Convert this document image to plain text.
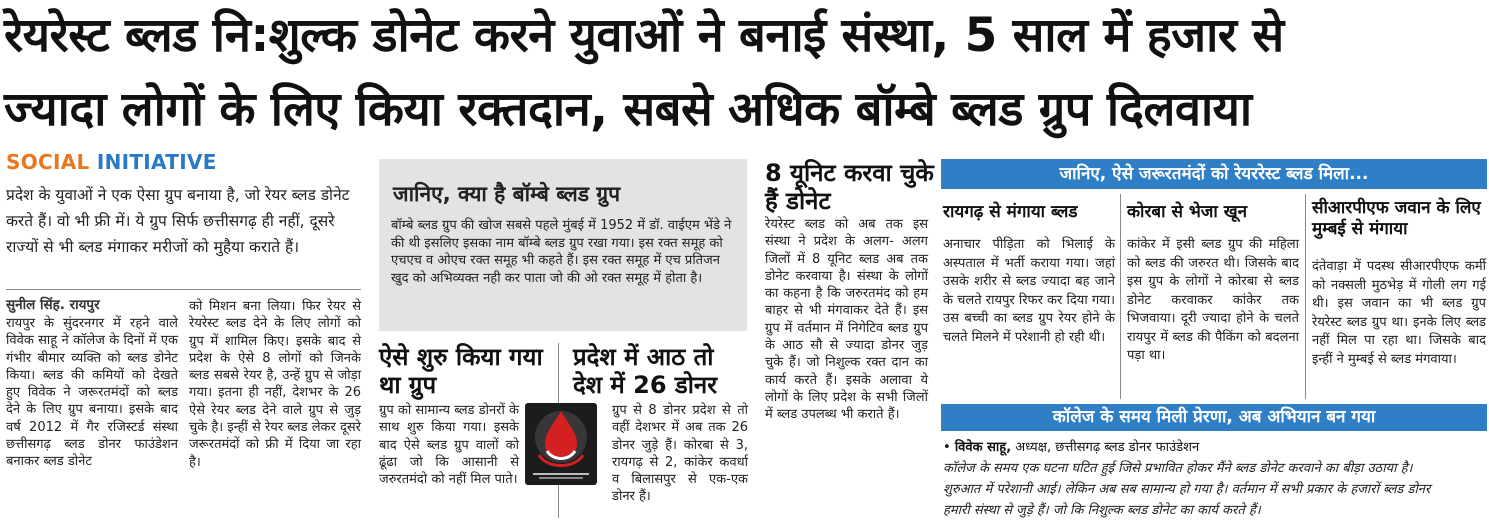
रेयरेस्ट ब्लड नि:शुल्क डोनेट करने युवाओं ने बनाई संस्था, 5 साल में हजार से
ज्यादा लोगों के लिए किया रक्तदान, सबसे अधिक बॉम्बे ब्लड ग्रुप दिलवाया
SOCIAL INITIATIVE
प्रदेश के युवाओं ने एक ऐसा ग्रुप बनाया है, जो रेयर ब्लड डोनेट करते हैं। वो भी फ्री में। ये ग्रुप सिर्फ छत्तीसगढ़ ही नहीं, दूसरे राज्यों से भी ब्लड मंगाकर मरीजों को मुहैया कराते हैं।
सुनील सिंह. रायपुर
रायपुर के सुंदरनगर में रहने वाले विवेक साहू ने कॉलेज के दिनों में एक गंभीर बीमार व्यक्ति को ब्लड डोनेट किया। ब्लड की कमियों को देखते हुए विवेक ने जरूरतमंदों को ब्लड देने के लिए ग्रुप बनाया। इसके बाद वर्ष 2012 में गैर रजिस्टर्ड संस्था छत्तीसगढ़ ब्लड डोनर फाउंडेशन बनाकर ब्लड डोनेट
को मिशन बना लिया। फिर रेयर से रेयरेस्ट ब्लड देने के लिए लोगों को ग्रुप में शामिल किए। इसके बाद से प्रदेश के ऐसे 8 लोगों को जिनके ब्लड सबसे रेयर है, उन्हें ग्रुप से जोड़ा गया। इतना ही नहीं, देशभर के 26 ऐसे रेयर ब्लड देने वाले ग्रुप से जुड़ चुके है। इन्हीं से रेयर ब्लड लेकर दूसरे जरूरतमंदों को फ्री में दिया जा रहा है।
जानिए, क्या है बॉम्बे ब्लड ग्रुप
बॉम्बे ब्लड ग्रुप की खोज सबसे पहले मुंबई में 1952 में डॉ. वाईएम भेंडे ने की थी इसलिए इसका नाम बॉम्बे ब्लड ग्रुप रखा गया। इस रक्त समूह को एचएच व ओएच रक्त समूह भी कहते हैं। इस रक्त समूह में एच प्रतिजन खुद को अभिव्यक्त नही कर पाता जो की ओ रक्त समूह में होता है।
ऐसे शुरु किया गया था ग्रुप
ग्रुप को सामान्य ब्लड डोनरों के साथ शुरु किया गया। इसके बाद ऐसे ब्लड ग्रुप वालों को ढूंढा जो कि आसानी से जरुरतमंदो को नहीं मिल पाते।
प्रदेश में आठ तो देश में 26 डोनर
ग्रुप से 8 डोनर प्रदेश से तो वहीं देशभर में अब तक 26 डोनर जुड़े हैं। कोरबा से 3, रायगढ़ से 2, कांकेर कवर्धा व बिलासपुर से एक-एक डोनर हैं।
8 यूनिट करवा चुके हैं डोनेट
रेयरेस्ट ब्लड को अब तक इस संस्था ने प्रदेश के अलग- अलग जिलों में 8 यूनिट ब्लड अब तक डोनेट करवाया है। संस्था के लोगों का कहना है कि जरुरतमंद को हम बाहर से भी मंगवाकर देते हैं। इस ग्रुप में वर्तमान में निगेटिव ब्लड ग्रुप के आठ सौ से ज्यादा डोनर जुड़ चुके हैं। जो निशुल्क रक्त दान का कार्य करते हैं। इसके अलावा ये लोगों के लिए प्रदेश के सभी जिलों में ब्लड उपलब्ध भी कराते हैं।
जानिए, ऐसे जरूरतमंदों को रेयररेस्ट ब्लड मिला...
रायगढ़ से मंगाया ब्लड
अनाचार पीड़िता को भिलाई के अस्पताल में भर्ती कराया गया। जहां उसके शरीर से ब्लड ज्यादा बह जाने के चलते रायपुर रिफर कर दिया गया। उस बच्ची का ब्लड ग्रुप रेयर होने के चलते मिलने में परेशानी हो रही थी।
कोरबा से भेजा खून
कांकेर में इसी ब्लड ग्रुप की महिला को ब्लड की जरुरत थी। जिसके बाद इस ग्रुप के लोगों ने कोरबा से ब्लड डोनेट करवाकर कांकेर तक भिजवाया। दूरी ज्यादा होने के चलते रायपुर में ब्लड की पैकिंग को बदलना पड़ा था।
सीआरपीएफ जवान के लिए मुम्बई से मंगाया
दंतेवाड़ा में पदस्थ सीआरपीएफ कर्मी को नक्सली मुठभेड़ में गोली लग गई थी। इस जवान का भी ब्लड ग्रुप रेयरेस्ट ब्लड ग्रुप था। इनके लिए ब्लड नहीं मिल पा रहा था। जिसके बाद इन्हीं ने मुम्बई से ब्लड मंगवाया।
कॉलेज के समय मिली प्रेरणा, अब अभियान बन गया
• विवेक साहू, अध्यक्ष, छत्तीसगढ़ ब्लड डोनर फाउंडेशन
कॉलेज के समय एक घटना घटित हुई जिसे प्रभावित होकर मैंने ब्लड डोनेट करवाने का बीड़ा उठाया है।
शुरुआत में परेशानी आई। लेकिन अब सब सामान्य हो गया है। वर्तमान में सभी प्रकार के हजारों ब्लड डोनर
हमारी संस्था से जुड़े हैं। जो कि निशुल्क ब्लड डोनेट का कार्य करते हैं।
